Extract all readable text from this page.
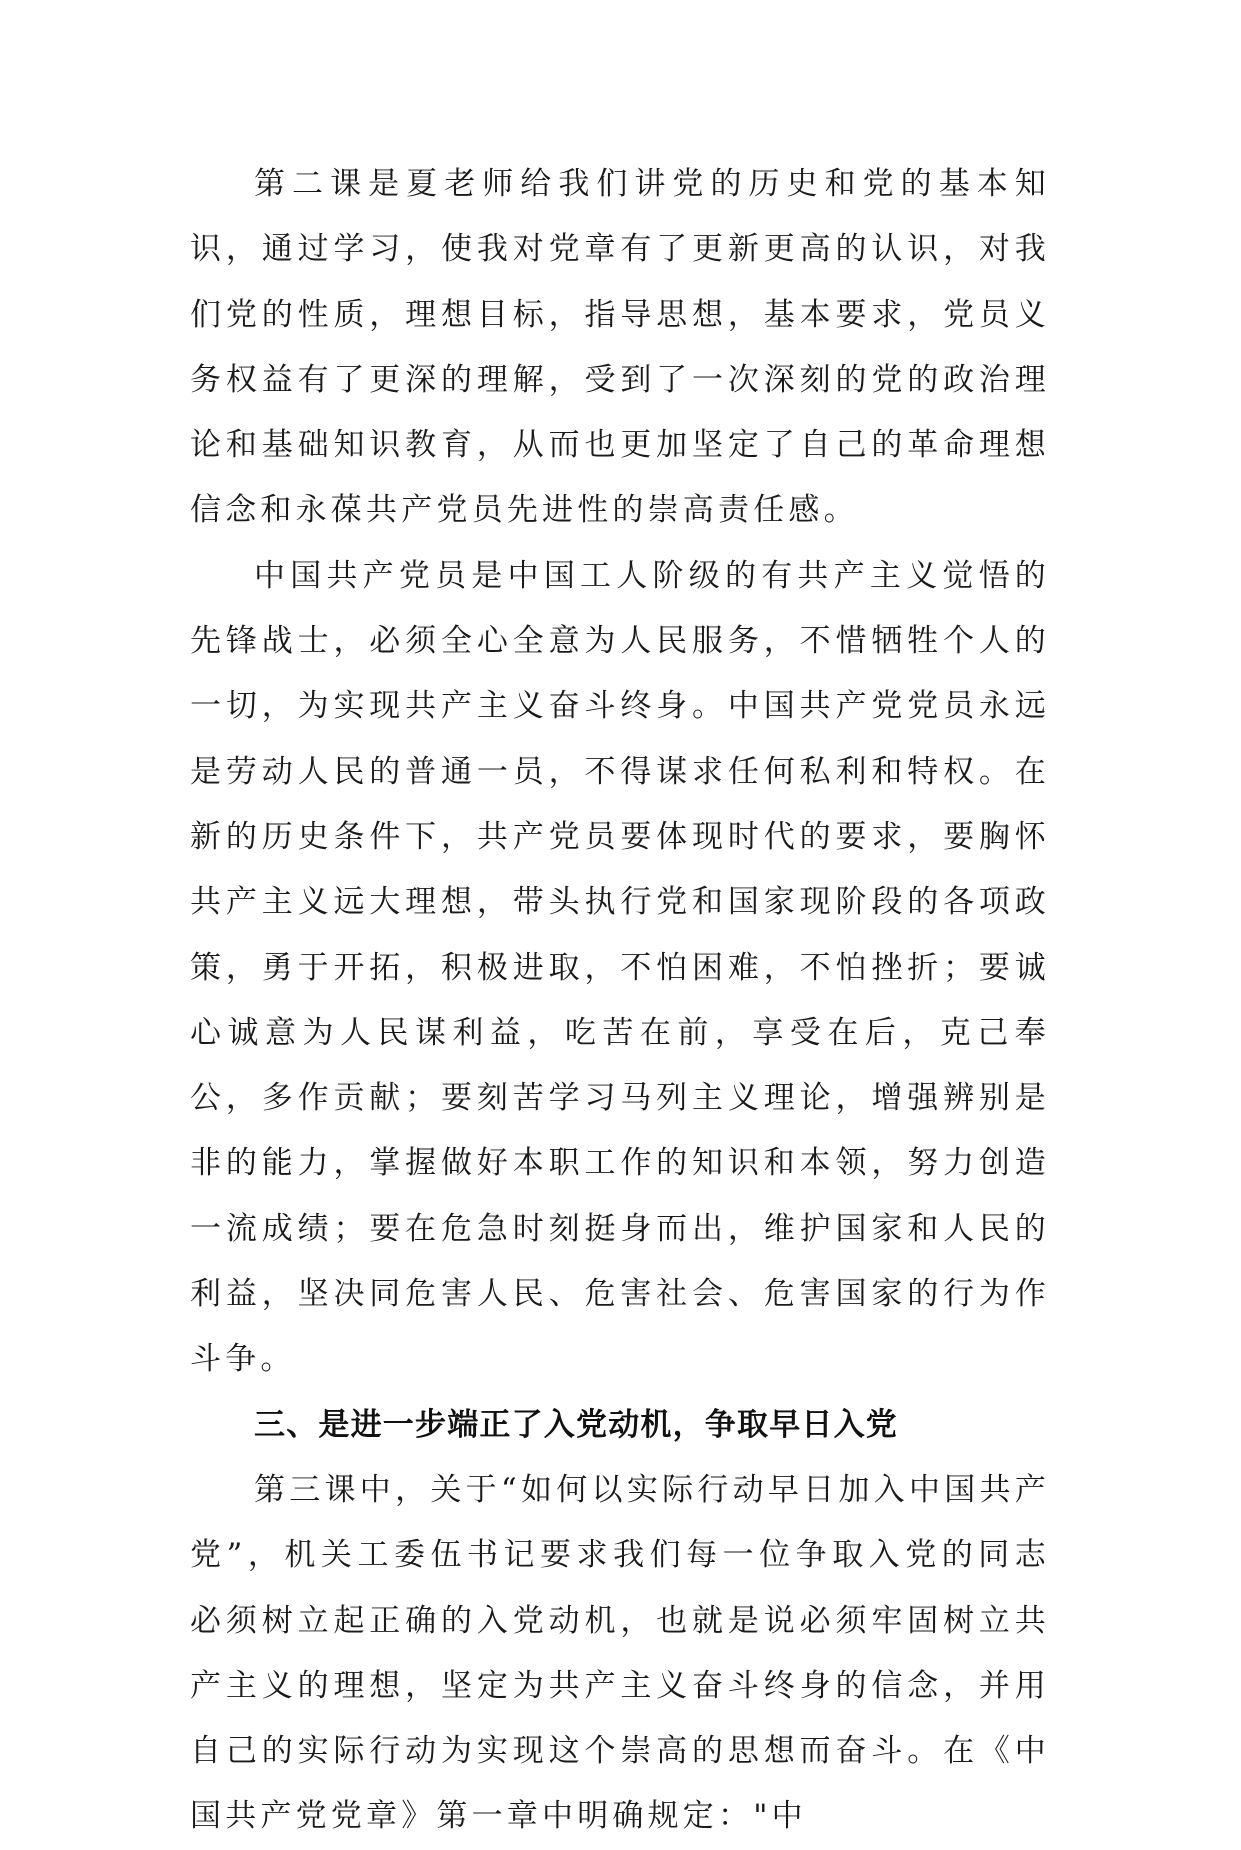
第二课是夏老师给我们讲党的历史和党的基本知识，通过学习，使我对党章有了更新更高的认识，对我们党的性质，理想目标，指导思想，基本要求，党员义务权益有了更深的理解，受到了一次深刻的党的政治理论和基础知识教育，从而也更加坚定了自己的革命理想信念和永葆共产党员先进性的崇高责任感。

中国共产党员是中国工人阶级的有共产主义觉悟的先锋战士，必须全心全意为人民服务，不惜牺牲个人的一切，为实现共产主义奋斗终身。中国共产党党员永远是劳动人民的普通一员，不得谋求任何私利和特权。在新的历史条件下，共产党员要体现时代的要求，要胸怀共产主义远大理想，带头执行党和国家现阶段的各项政策，勇于开拓，积极进取，不怕困难，不怕挫折；要诚心诚意为人民谋利益，吃苦在前，享受在后，克己奉公，多作贡献；要刻苦学习马列主义理论，增强辨别是非的能力，掌握做好本职工作的知识和本领，努力创造一流成绩；要在危急时刻挺身而出，维护国家和人民的利益，坚决同危害人民、危害社会、危害国家的行为作斗争。

三、是进一步端正了入党动机，争取早日入党

第三课中，关于“如何以实际行动早日加入中国共产党”，机关工委伍书记要求我们每一位争取入党的同志必须树立起正确的入党动机，也就是说必须牢固树立共产主义的理想，坚定为共产主义奋斗终身的信念，并用自己的实际行动为实现这个崇高的思想而奋斗。在《中国共产党党章》第一章中明确规定："中
